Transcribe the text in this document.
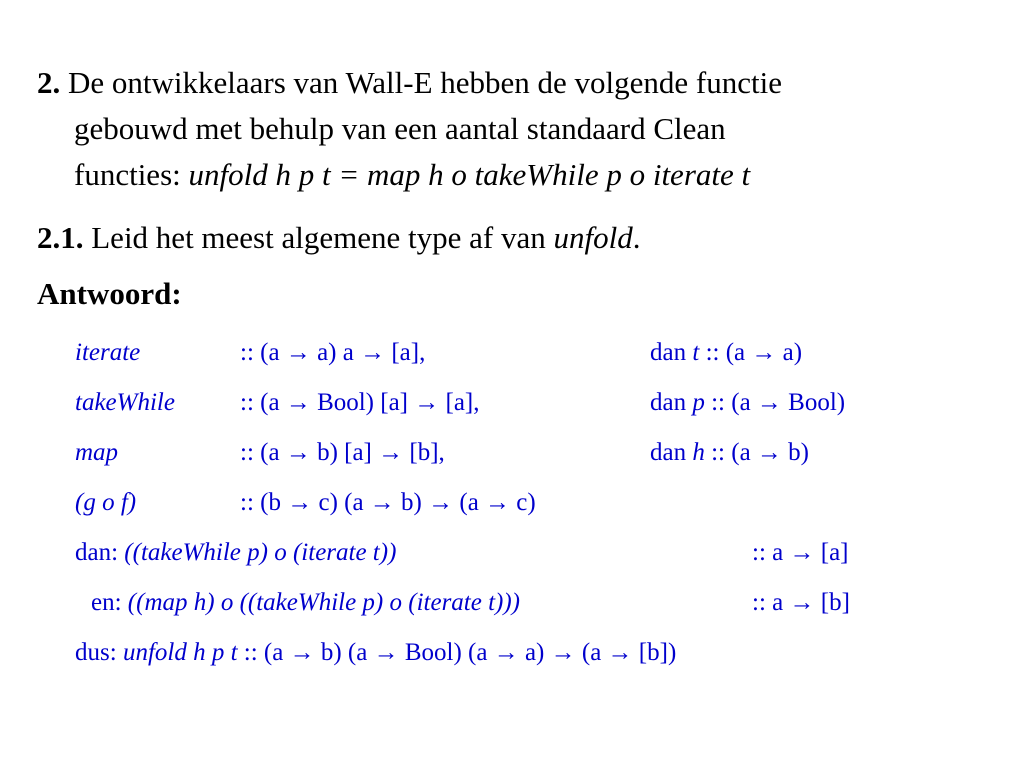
2. De ontwikkelaars van Wall-E hebben de volgende functie
gebouwd met behulp van een aantal standaard Clean
functies: unfold h p t = map h o takeWhile p o iterate t
2.1. Leid het meest algemene type af van unfold.
Antwoord:
iterate	:: (a → a) a → [a],	dan t :: (a → a)
takeWhile	:: (a → Bool) [a] → [a],	dan p :: (a → Bool)
map	:: (a → b) [a] → [b],	dan h :: (a → b)
(g o f)	:: (b → c) (a → b) → (a → c)
dan: ((takeWhile p) o (iterate t))	:: a → [a]
en: ((map h) o ((takeWhile p) o (iterate t)))	:: a → [b]
dus: unfold h p t :: (a → b) (a → Bool) (a → a) → (a → [b])
